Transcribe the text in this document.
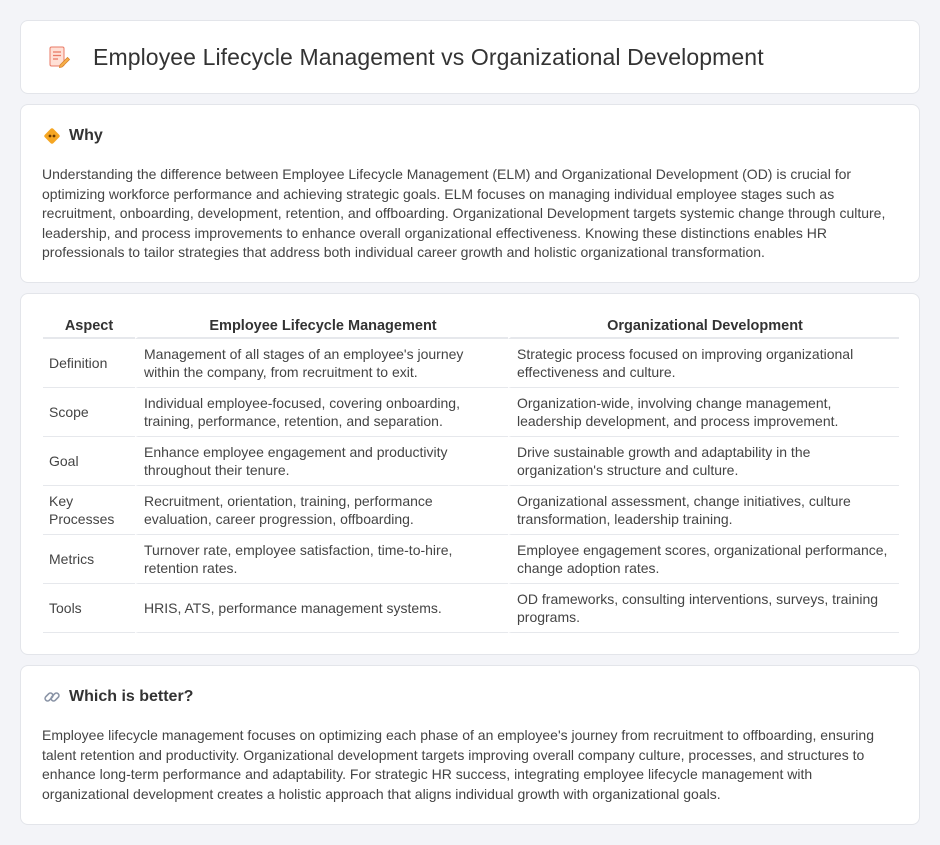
Employee Lifecycle Management vs Organizational Development
Why

Understanding the difference between Employee Lifecycle Management (ELM) and Organizational Development (OD) is crucial for optimizing workforce performance and achieving strategic goals. ELM focuses on managing individual employee stages such as recruitment, onboarding, development, retention, and offboarding. Organizational Development targets systemic change through culture, leadership, and process improvements to enhance overall organizational effectiveness. Knowing these distinctions enables HR professionals to tailor strategies that address both individual career growth and holistic organizational transformation.

Aspect	Employee Lifecycle Management	Organizational Development
Definition	Management of all stages of an employee's journey within the company, from recruitment to exit.	Strategic process focused on improving organizational effectiveness and culture.
Scope	Individual employee-focused, covering onboarding, training, performance, retention, and separation.	Organization-wide, involving change management, leadership development, and process improvement.
Goal	Enhance employee engagement and productivity throughout their tenure.	Drive sustainable growth and adaptability in the organization's structure and culture.
Key Processes	Recruitment, orientation, training, performance evaluation, career progression, offboarding.	Organizational assessment, change initiatives, culture transformation, leadership training.
Metrics	Turnover rate, employee satisfaction, time-to-hire, retention rates.	Employee engagement scores, organizational performance, change adoption rates.
Tools	HRIS, ATS, performance management systems.	OD frameworks, consulting interventions, surveys, training programs.
Which is better?

Employee lifecycle management focuses on optimizing each phase of an employee's journey from recruitment to offboarding, ensuring talent retention and productivity. Organizational development targets improving overall company culture, processes, and structures to enhance long-term performance and adaptability. For strategic HR success, integrating employee lifecycle management with organizational development creates a holistic approach that aligns individual growth with organizational goals.
